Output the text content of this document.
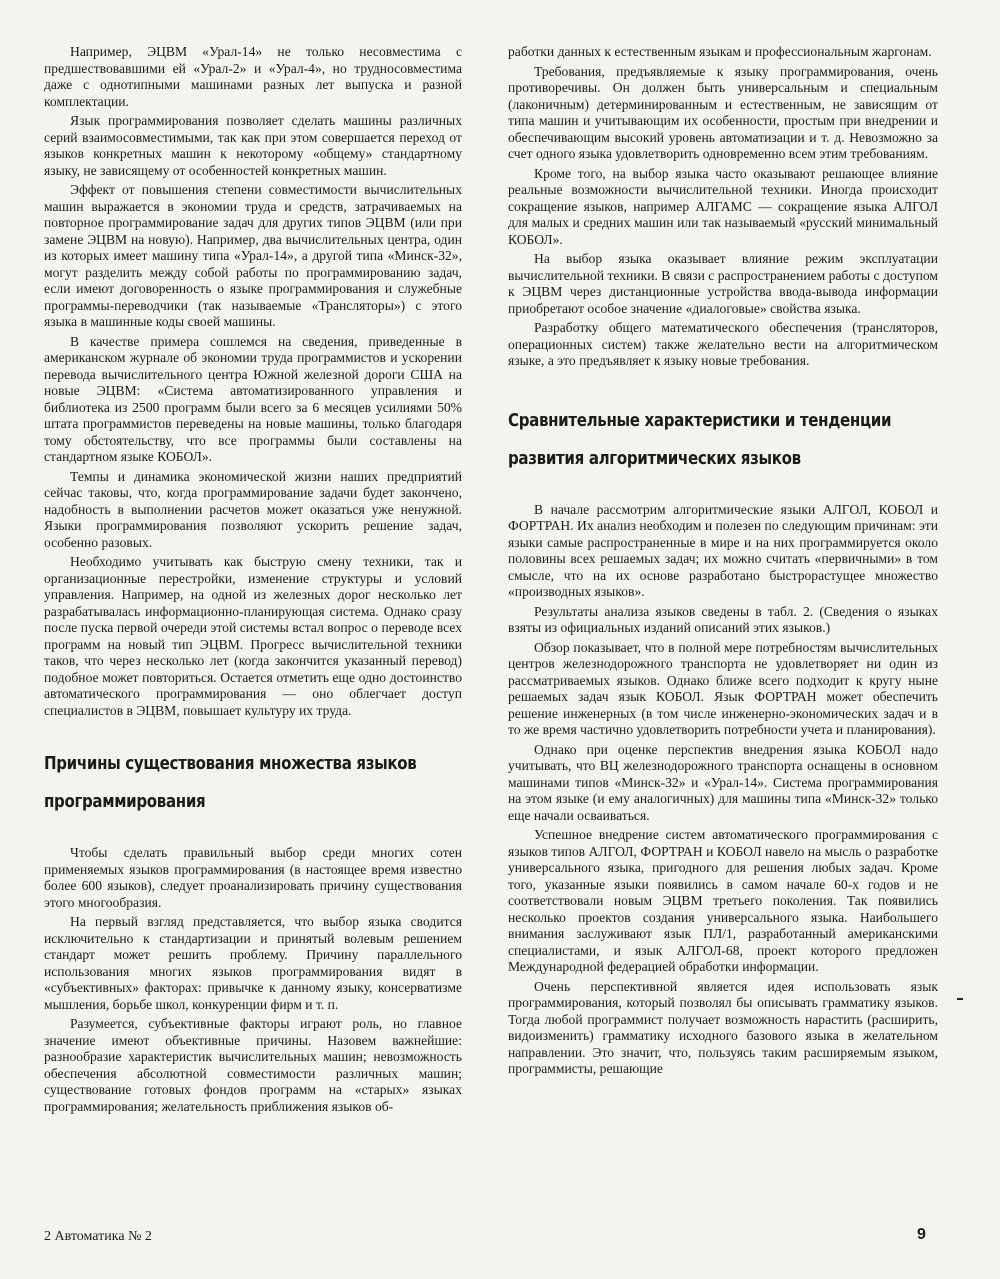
Например, ЭЦВМ «Урал-14» не только несовместима с предшествовавшими ей «Урал-2» и «Урал-4», но трудносовместима даже с однотипными машинами разных лет выпуска и разной комплектации.

Язык программирования позволяет сделать машины различных серий взаимосовместимыми, так как при этом совершается переход от языков конкретных машин к некоторому «общему» стандартному языку, не зависящему от особенностей конкретных машин.

Эффект от повышения степени совместимости вычислительных машин выражается в экономии труда и средств, затрачиваемых на повторное программирование задач для других типов ЭЦВМ (или при замене ЭЦВМ на новую). Например, два вычислительных центра, один из которых имеет машину типа «Урал-14», а другой типа «Минск-32», могут разделить между собой работы по программированию задач, если имеют договоренность о языке программирования и служебные программы-переводчики (так называемые «Трансляторы») с этого языка в машинные коды своей машины.

В качестве примера сошлемся на сведения, приведенные в американском журнале об экономии труда программистов и ускорении перевода вычислительного центра Южной железной дороги США на новые ЭЦВМ: «Система автоматизированного управления и библиотека из 2500 программ были всего за 6 месяцев усилиями 50% штата программистов переведены на новые машины, только благодаря тому обстоятельству, что все программы были составлены на стандартном языке КОБОЛ».

Темпы и динамика экономической жизни наших предприятий сейчас таковы, что, когда программирование задачи будет закончено, надобность в выполнении расчетов может оказаться уже ненужной. Языки программирования позволяют ускорить решение задач, особенно разовых.

Необходимо учитывать как быструю смену техники, так и организационные перестройки, изменение структуры и условий управления. Например, на одной из железных дорог несколько лет разрабатывалась информационно-планирующая система. Однако сразу после пуска первой очереди этой системы встал вопрос о переводе всех программ на новый тип ЭЦВМ. Прогресс вычислительной техники таков, что через несколько лет (когда закончится указанный перевод) подобное может повториться. Остается отметить еще одно достоинство автоматического программирования — оно облегчает доступ специалистов в ЭЦВМ, повышает культуру их труда.

Причины существования множества языков
программирования

Чтобы сделать правильный выбор среди многих сотен применяемых языков программирования (в настоящее время известно более 600 языков), следует проанализировать причину существования этого многообразия.

На первый взгляд представляется, что выбор языка сводится исключительно к стандартизации и принятый волевым решением стандарт может решить проблему. Причину параллельного использования многих языков программирования видят в «субъективных» факторах: привычке к данному языку, консерватизме мышления, борьбе школ, конкуренции фирм и т. п.

Разумеется, субъективные факторы играют роль, но главное значение имеют объективные причины. Назовем важнейшие: разнообразие характеристик вычислительных машин; невозможность обеспечения абсолютной совместимости различных машин; существование готовых фондов программ на «старых» языках программирования; желательность приближения языков об-

работки данных к естественным языкам и профессиональным жаргонам.

Требования, предъявляемые к языку программирования, очень противоречивы. Он должен быть универсальным и специальным (лаконичным) детерминированным и естественным, не зависящим от типа машин и учитывающим их особенности, простым при внедрении и обеспечивающим высокий уровень автоматизации и т. д. Невозможно за счет одного языка удовлетворить одновременно всем этим требованиям.

Кроме того, на выбор языка часто оказывают решающее влияние реальные возможности вычислительной техники. Иногда происходит сокращение языков, например АЛГАМС — сокращение языка АЛГОЛ для малых и средних машин или так называемый «русский минимальный КОБОЛ».

На выбор языка оказывает влияние режим эксплуатации вычислительной техники. В связи с распространением работы с доступом к ЭЦВМ через дистанционные устройства ввода-вывода информации приобретают особое значение «диалоговые» свойства языка.

Разработку общего математического обеспечения (трансляторов, операционных систем) также желательно вести на алгоритмическом языке, а это предъявляет к языку новые требования.

Сравнительные характеристики и тенденции
развития алгоритмических языков

В начале рассмотрим алгоритмические языки АЛГОЛ, КОБОЛ и ФОРТРАН. Их анализ необходим и полезен по следующим причинам: эти языки самые распространенные в мире и на них программируется около половины всех решаемых задач; их можно считать «первичными» в том смысле, что на их основе разработано быстрорастущее множество «производных языков».

Результаты анализа языков сведены в табл. 2. (Сведения о языках взяты из официальных изданий описаний этих языков.)

Обзор показывает, что в полной мере потребностям вычислительных центров железнодорожного транспорта не удовлетворяет ни один из рассматриваемых языков. Однако ближе всего подходит к кругу ныне решаемых задач язык КОБОЛ. Язык ФОРТРАН может обеспечить решение инженерных (в том числе инженерно-экономических задач и в то же время частично удовлетворить потребности учета и планирования).

Однако при оценке перспектив внедрения языка КОБОЛ надо учитывать, что ВЦ железнодорожного транспорта оснащены в основном машинами типов «Минск-32» и «Урал-14». Система программирования на этом языке (и ему аналогичных) для машины типа «Минск-32» только еще начали осваиваться.

Успешное внедрение систем автоматического программирования с языков типов АЛГОЛ, ФОРТРАН и КОБОЛ навело на мысль о разработке универсального языка, пригодного для решения любых задач. Кроме того, указанные языки появились в самом начале 60-х годов и не соответствовали новым ЭЦВМ третьего поколения. Так появились несколько проектов создания универсального языка. Наибольшего внимания заслуживают язык ПЛ/1, разработанный американскими специалистами, и язык АЛГОЛ-68, проект которого предложен Международной федерацией обработки информации.

Очень перспективной является идея использовать язык программирования, который позволял бы описывать грамматику языков. Тогда любой программист получает возможность нарастить (расширить, видоизменить) грамматику исходного базового языка в желательном направлении. Это значит, что, пользуясь таким расширяемым языком, программисты, решающие

2 Автоматика № 2	9
